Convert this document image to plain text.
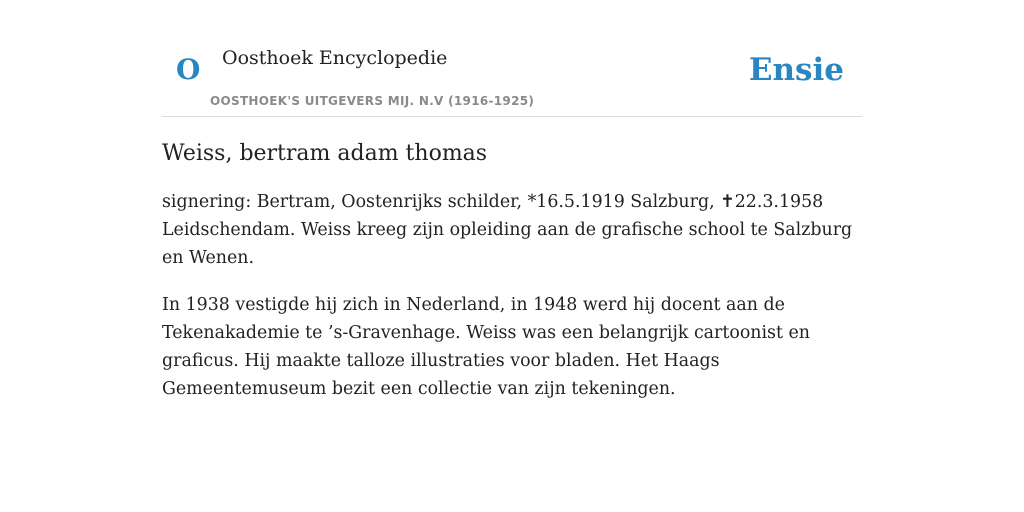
O Oosthoek Encyclopedie
OOSTHOEK'S UITGEVERS MIJ. N.V (1916-1925)
Ensie
Weiss, bertram adam thomas

signering: Bertram, Oostenrijks schilder, *16.5.1919 Salzburg, ✝22.3.1958 Leidschendam. Weiss kreeg zijn opleiding aan de grafische school te Salzburg en Wenen.

In 1938 vestigde hij zich in Nederland, in 1948 werd hij docent aan de Tekenakademie te ’s-Gravenhage. Weiss was een belangrijk cartoonist en graficus. Hij maakte talloze illustraties voor bladen. Het Haags Gemeentemuseum bezit een collectie van zijn tekeningen.
